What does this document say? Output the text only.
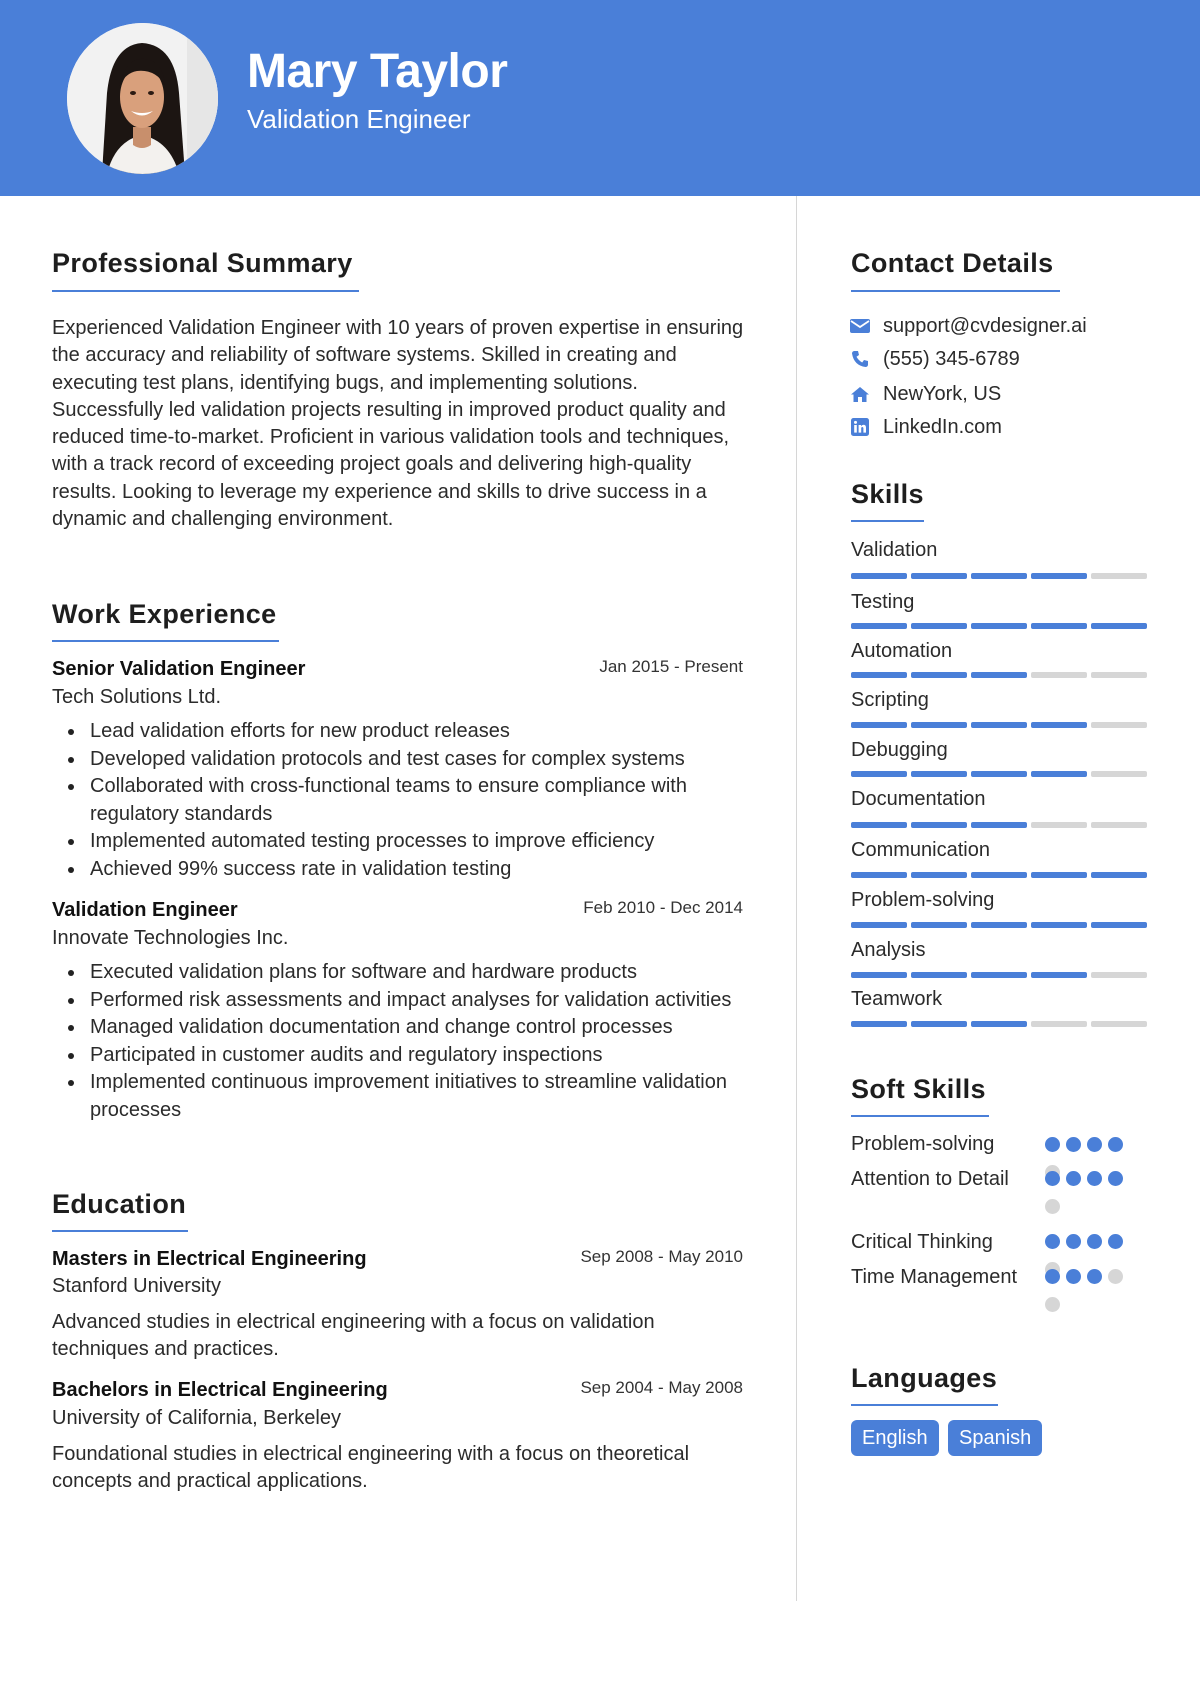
Mary Taylor
Validation Engineer
Professional Summary
Experienced Validation Engineer with 10 years of proven expertise in ensuring the accuracy and reliability of software systems. Skilled in creating and executing test plans, identifying bugs, and implementing solutions. Successfully led validation projects resulting in improved product quality and reduced time-to-market. Proficient in various validation tools and techniques, with a track record of exceeding project goals and delivering high-quality results. Looking to leverage my experience and skills to drive success in a dynamic and challenging environment.
Work Experience
Senior Validation Engineer	Jan 2015 - Present
Tech Solutions Ltd.
Lead validation efforts for new product releases
Developed validation protocols and test cases for complex systems
Collaborated with cross-functional teams to ensure compliance with regulatory standards
Implemented automated testing processes to improve efficiency
Achieved 99% success rate in validation testing
Validation Engineer	Feb 2010 - Dec 2014
Innovate Technologies Inc.
Executed validation plans for software and hardware products
Performed risk assessments and impact analyses for validation activities
Managed validation documentation and change control processes
Participated in customer audits and regulatory inspections
Implemented continuous improvement initiatives to streamline validation processes
Education
Masters in Electrical Engineering	Sep 2008 - May 2010
Stanford University
Advanced studies in electrical engineering with a focus on validation techniques and practices.
Bachelors in Electrical Engineering	Sep 2004 - May 2008
University of California, Berkeley
Foundational studies in electrical engineering with a focus on theoretical concepts and practical applications.
Contact Details
support@cvdesigner.ai
(555) 345-6789
NewYork, US
LinkedIn.com
Skills
Validation
Testing
Automation
Scripting
Debugging
Documentation
Communication
Problem-solving
Analysis
Teamwork
Soft Skills
Problem-solving
Attention to Detail
Critical Thinking
Time Management
Languages
English	Spanish
